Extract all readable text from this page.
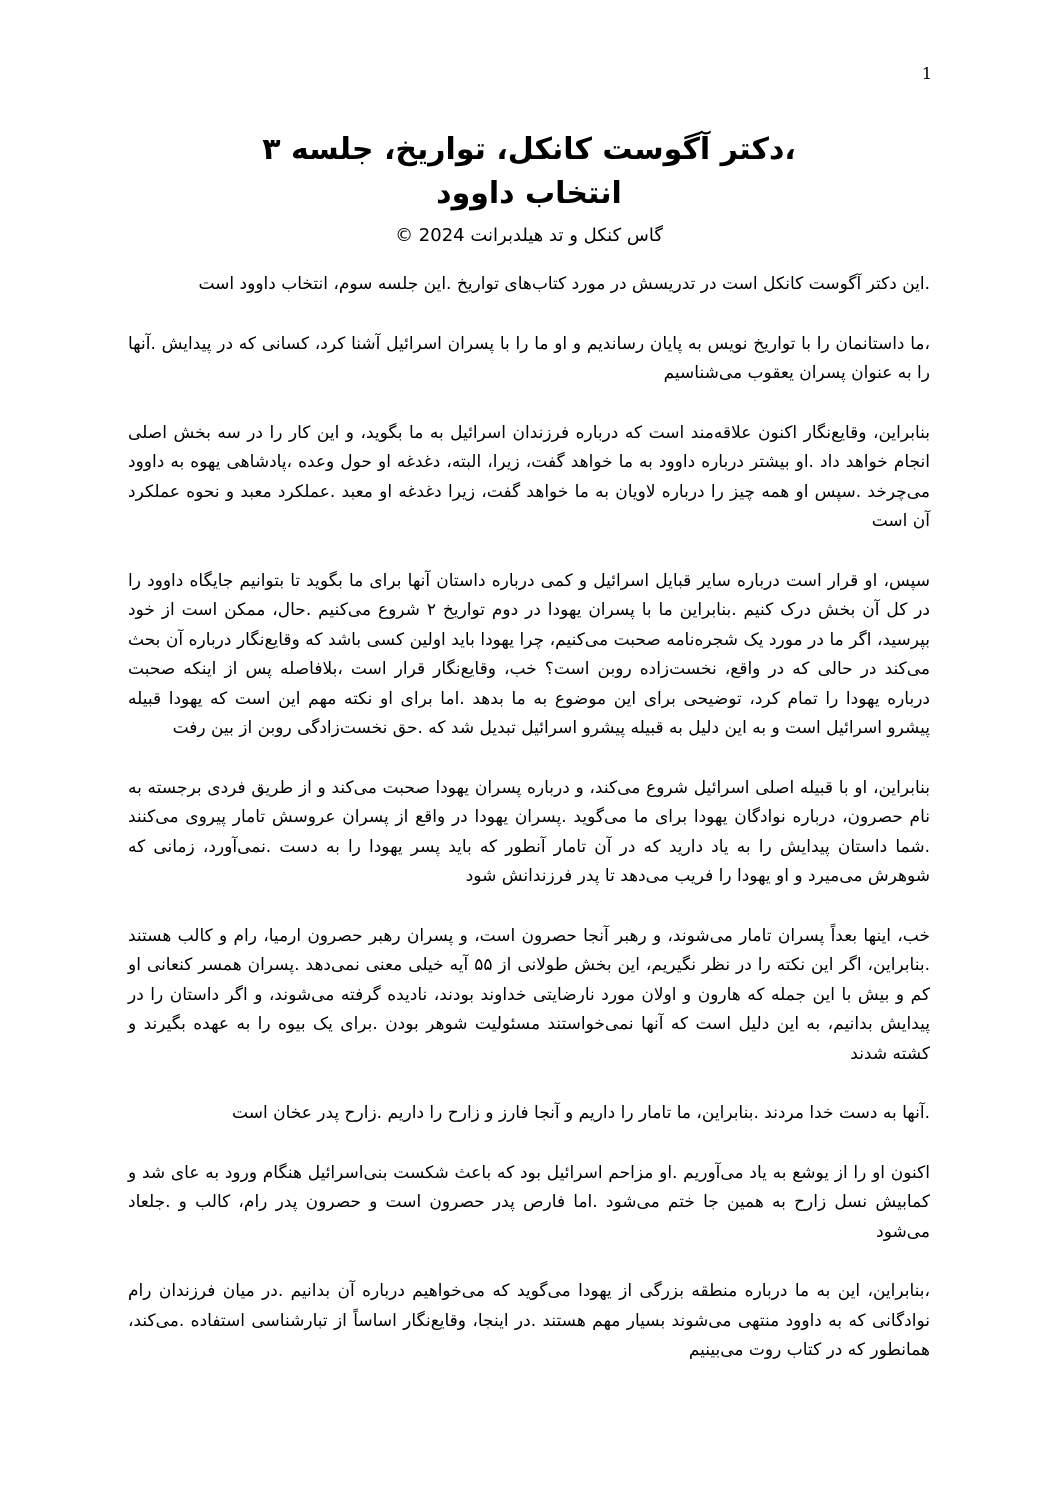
1
،دکتر آگوست کانکل، تواریخ، جلسه ۳
انتخاب داوود
گاس کنکل و تد هیلدبرانت 2024 ©

.این دکتر آگوست کانکل است در تدریسش در مورد کتاب‌های تواریخ .این جلسه سوم، انتخاب داوود است

،ما داستانمان را با تواریخ نویس به پایان رساندیم و او ما را با پسران اسرائیل آشنا کرد، کسانی که در پیدایش .آنها را به عنوان پسران یعقوب می‌شناسیم

بنابراین، وقایع‌نگار اکنون علاقه‌مند است که درباره فرزندان اسرائیل به ما بگوید، و این کار را در سه بخش اصلی انجام خواهد داد .او بیشتر درباره داوود به ما خواهد گفت، زیرا، البته، دغدغه او حول وعده ،پادشاهی یهوه به داوود می‌چرخد .سپس او همه چیز را درباره لاویان به ما خواهد گفت، زیرا دغدغه او معبد .عملکرد معبد و نحوه عملکرد آن است

سپس، او قرار است درباره سایر قبایل اسرائیل و کمی درباره داستان آنها برای ما بگوید تا بتوانیم جایگاه داوود را در کل آن بخش درک کنیم .بنابراین ما با پسران یهودا در دوم تواریخ ۲ شروع می‌کنیم .حال، ممکن است از خود بپرسید، اگر ما در مورد یک شجره‌نامه صحبت می‌کنیم، چرا یهودا باید اولین کسی باشد که وقایع‌نگار درباره آن بحث می‌کند در حالی که در واقع، نخست‌زاده روبن است؟ خب، وقایع‌نگار قرار است ،بلافاصله پس از اینکه صحبت درباره یهودا را تمام کرد، توضیحی برای این موضوع به ما بدهد .اما برای او نکته مهم این است که یهودا قبیله پیشرو اسرائیل است و به این دلیل به قبیله پیشرو اسرائیل تبدیل شد که .حق نخست‌زادگی روبن از بین رفت

بنابراین، او با قبیله اصلی اسرائیل شروع می‌کند، و درباره پسران یهودا صحبت می‌کند و از طریق فردی برجسته به نام حصرون، درباره نوادگان یهودا برای ما می‌گوید .پسران یهودا در واقع از پسران عروسش تامار پیروی می‌کنند .شما داستان پیدایش را به یاد دارید که در آن تامار آنطور که باید پسر یهودا را به دست .نمی‌آورد، زمانی که شوهرش می‌میرد و او یهودا را فریب می‌دهد تا پدر فرزندانش شود

خب، اینها بعداً پسران تامار می‌شوند، و رهبر آنجا حصرون است، و پسران رهبر حصرون ارمیا، رام و کالب هستند .بنابراین، اگر این نکته را در نظر نگیریم، این بخش طولانی از ۵۵ آیه خیلی معنی نمی‌دهد .پسران همسر کنعانی او کم و بیش با این جمله که هارون و اولان مورد نارضایتی خداوند بودند، نادیده گرفته می‌شوند، و اگر داستان را در پیدایش بدانیم، به این دلیل است که آنها نمی‌خواستند مسئولیت شوهر بودن .برای یک بیوه را به عهده بگیرند و کشته شدند

.آنها به دست خدا مردند .بنابراین، ما تامار را داریم و آنجا فارز و زارح را داریم .زارح پدر عخان است

اکنون او را از یوشع به یاد می‌آوریم .او مزاحم اسرائیل بود که باعث شکست بنی‌اسرائیل هنگام ورود به عای شد و کمابیش نسل زارح به همین جا ختم می‌شود .اما فارص پدر حصرون است و حصرون پدر رام، کالب و .جلعاد می‌شود

،بنابراین، این به ما درباره منطقه بزرگی از یهودا می‌گوید که می‌خواهیم درباره آن بدانیم .در میان فرزندان رام نوادگانی که به داوود منتهی می‌شوند بسیار مهم هستند .در اینجا، وقایع‌نگار اساساً از تبارشناسی استفاده .می‌کند، همانطور که در کتاب روت می‌بینیم
